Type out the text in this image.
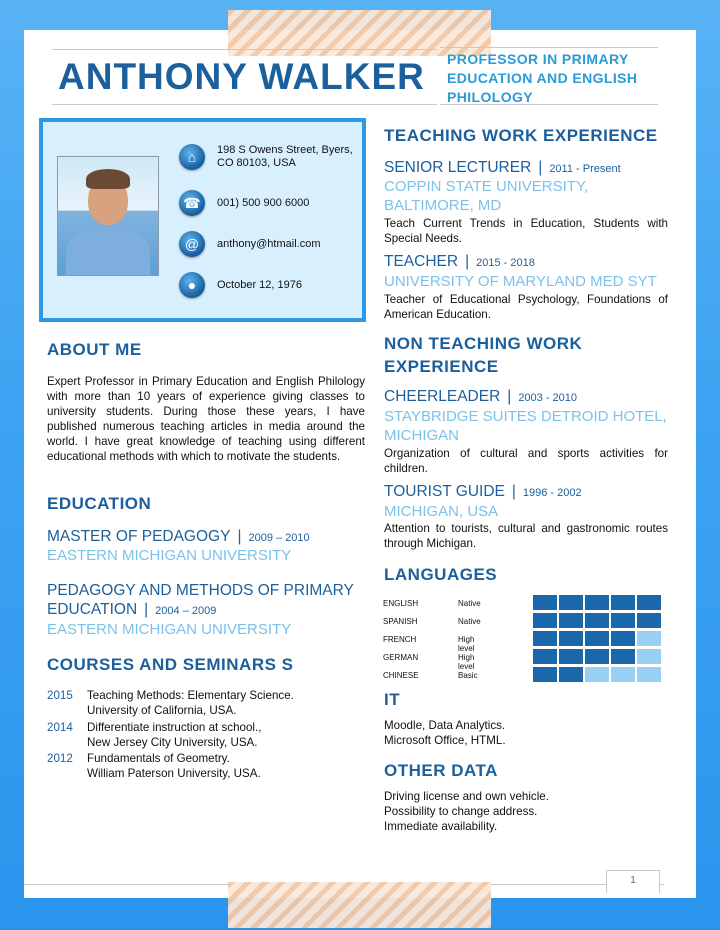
ANTHONY WALKER PROFESSOR IN PRIMARY EDUCATION AND ENGLISH PHILOLOGY
⌂	198 S Owens Street, Byers, CO 80103, USA
☎	001) 500 900 6000
@	anthony@htmail.com
●	October 12, 1976
ABOUT ME
Expert Professor in Primary Education and English Philology with more than 10 years of experience giving classes to university students. During those these years, I have published numerous teaching articles in media around the world. I have great knowledge of teaching using different educational methods with which to motivate the students.
EDUCATION
MASTER OF PEDAGOGY | 2009 – 2010
EASTERN MICHIGAN UNIVERSITY
PEDAGOGY AND METHODS OF PRIMARY
EDUCATION | 2004 – 2009
EASTERN MICHIGAN UNIVERSITY
COURSES AND SEMINARS S
2015 Teaching Methods: Elementary Science.
University of California, USA.
2014 Differentiate instruction at school.,
New Jersey City University, USA.
2012 Fundamentals of Geometry.
William Paterson University, USA.
TEACHING WORK EXPERIENCE
SENIOR LECTURER | 2011 - Present
COPPIN STATE UNIVERSITY,
BALTIMORE, MD
Teach Current Trends in Education, Students with Special Needs.
TEACHER | 2015 - 2018
UNIVERSITY OF MARYLAND MED SYT
Teacher of Educational Psychology, Foundations of American Education.
NON TEACHING WORK
EXPERIENCE
CHEERLEADER | 2003 - 2010
STAYBRIDGE SUITES DETROID HOTEL,
MICHIGAN
Organization of cultural and sports activities for children.
TOURIST GUIDE | 1996 - 2002
MICHIGAN, USA
Attention to tourists, cultural and gastronomic routes through Michigan.
LANGUAGES
ENGLISH	Native
SPANISH	Native
FRENCH	High level
GERMAN	High level
CHINESE	Basic
IT
Moodle, Data Analytics.
Microsoft Office, HTML.
OTHER DATA
Driving license and own vehicle.
Possibility to change address.
Immediate availability.
1
